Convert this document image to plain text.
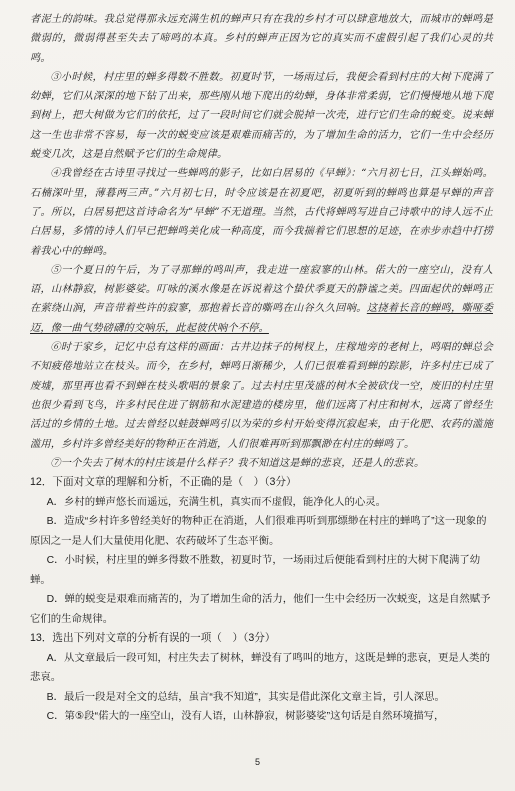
者泥土的韵味。我总觉得那永远充满生机的蝉声只有在我的乡村才可以肆意地放大，而城市的蝉鸣是微弱的，微弱得甚至失去了啼鸣的本真。乡村的蝉声正因为它的真实而不虚假引起了我们心灵的共鸣。

③小时候，村庄里的蝉多得数不胜数。初夏时节，一场雨过后，我便会看到村庄的大树下爬满了幼蝉，它们从深深的地下钻了出来，那些刚从地下爬出的幼蝉，身体非常柔弱，它们慢慢地从地下爬到树上，把大树做为它们的依托，过了一段时间它们就会脱掉一次壳，进行它们生命的蜕变。说来蝉这一生也非常不容易，每一次的蜕变应该是艰难而痛苦的，为了增加生命的活力，它们一生中会经历蜕变几次，这是自然赋予它们的生命规律。

④我曾经在古诗里寻找过一些蝉鸣的影子，比如白居易的《早蝉》：“六月初七日，江头蝉始鸣。石楠深叶里，薄暮两三声。”六月初七日，时令应该是在初夏吧，初夏听到的蝉鸣也算是早蝉的声音了。所以，白居易把这首诗命名为“早蝉”不无道理。当然，古代将蝉鸣写进自己诗歌中的诗人远不止白居易，多情的诗人们早已把蝉鸣美化成一种高度，而今我揣着它们思想的足迹，在赤步赤趋中打捞着我心中的蝉鸣。

⑤一个夏日的午后，为了寻那蝉的鸣叫声，我走进一座寂寥的山林。偌大的一座空山，没有人语，山林静寂，树影婆娑。叮咏的溪水像是在诉说着这个蛰伏季夏天的静谧之美。四面起伏的蝉鸣正在萦绕山涧，声音带着些许的寂寥，那抱着长音的嘶鸣在山谷久久回响。这挠着长音的蝉鸣，嘶哑委迈，像一曲气势磅礴的交响乐，此起彼伏响个不停。

⑥时于家乡，记忆中总有这样的画面：古井边抹子的树杈上，庄稼地旁的老树上，鸣唱的蝉总会不知疲倦地站立在枝头。而今，在乡村，蝉鸣日渐稀少，人们已很难看到蝉的踪影，许多村庄已成了废墟，那里再也看不到蝉在枝头歌唱的景象了。过去村庄里茂盛的树木全被砍伐一空，废旧的村庄里也很少看到飞鸟，许多村民住进了钢筋和水泥建造的楼房里，他们远离了村庄和树木，远离了曾经生活过的乡情的土地。过去曾经以蛙鼓蝉鸣引以为荣的乡村开始变得沉寂起来，由于化肥、农药的滥施滥用，乡村许多曾经美好的物种正在消逝，人们很难再听到那飘渺在村庄的蝉鸣了。

⑦一个失去了树木的村庄该是什么样子？我不知道这是蝉的悲哀，还是人的悲哀。

12．下面对文章的理解和分析，不正确的是（　）（3分）

A．乡村的蝉声悠长而遥远，充满生机，真实而不虚假，能净化人的心灵。

B．造成“乡村许多曾经美好的物种正在消逝，人们很难再听到那缥缈在村庄的蝉鸣了”这一现象的原因之一是人们大量使用化肥、农药破坏了生态平衡。

C．小时候，村庄里的蝉多得数不胜数，初夏时节，一场雨过后便能看到村庄的大树下爬满了幼蝉。

D．蝉的蜕变是艰难而痛苦的，为了增加生命的活力，他们一生中会经历一次蜕变，这是自然赋予它们的生命规律。

13．选出下列对文章的分析有误的一项（　）（3分）

A．从文章最后一段可知，村庄失去了树林，蝉没有了鸣叫的地方，这既是蝉的悲哀，更是人类的悲哀。

B．最后一段是对全文的总结，虽言“我不知道”，其实是借此深化文章主旨，引人深思。

C．第⑤段“偌大的一座空山，没有人语，山林静寂，树影婆娑”这句话是自然环境描写，

5
